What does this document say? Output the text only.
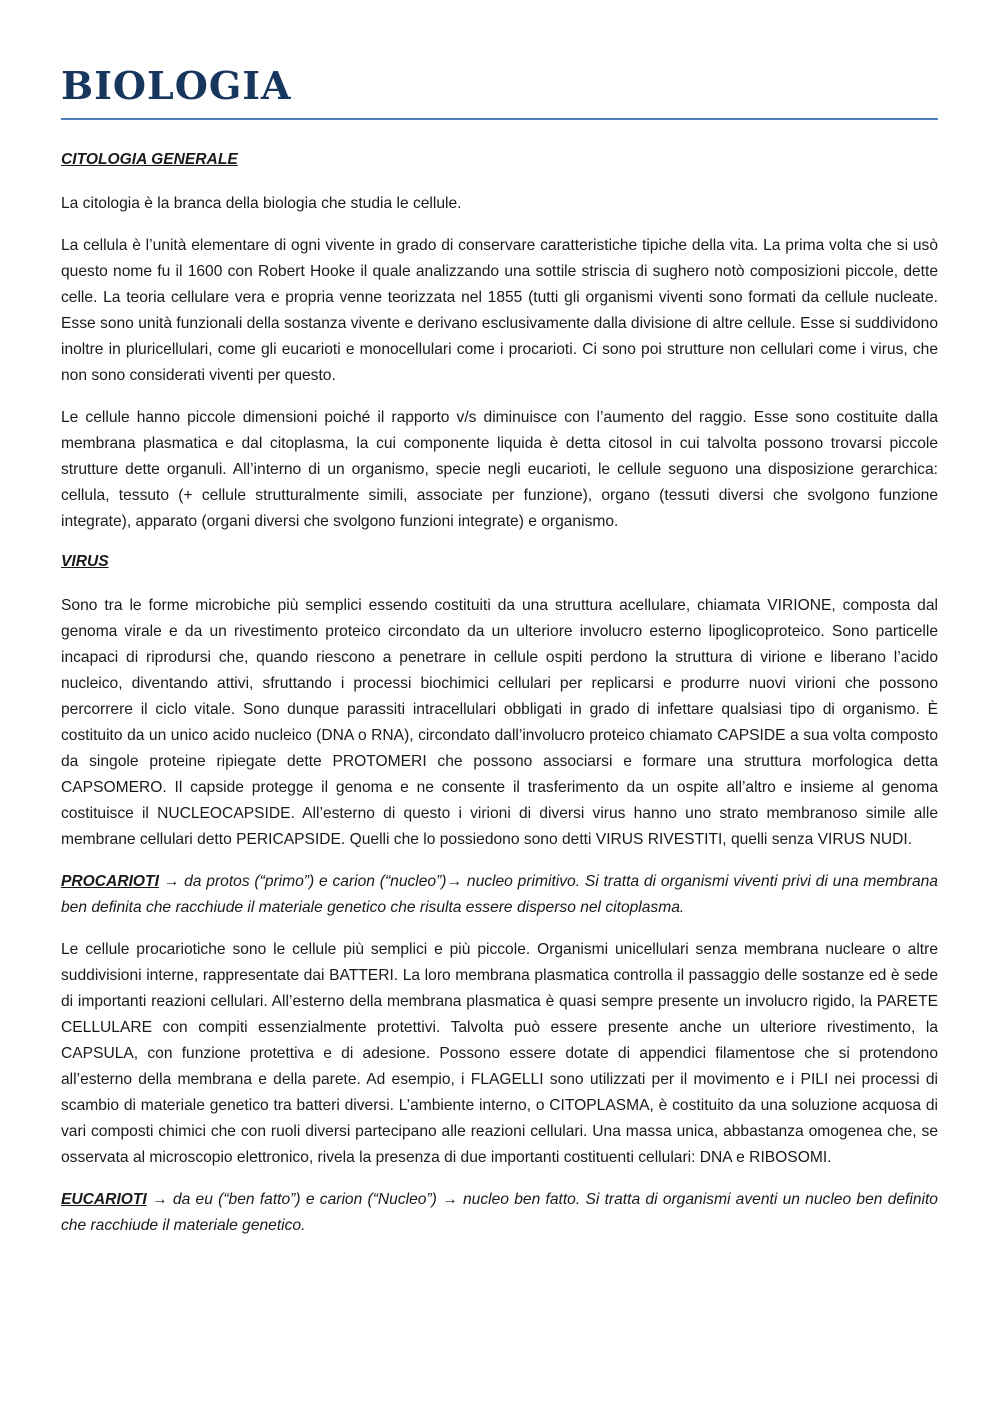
BIOLOGIA
CITOLOGIA GENERALE

La citologia è la branca della biologia che studia le cellule.

La cellula è l’unità elementare di ogni vivente in grado di conservare caratteristiche tipiche della vita. La prima volta che si usò questo nome fu il 1600 con Robert Hooke il quale analizzando una sottile striscia di sughero notò composizioni piccole, dette celle. La teoria cellulare vera e propria venne teorizzata nel 1855 (tutti gli organismi viventi sono formati da cellule nucleate. Esse sono unità funzionali della sostanza vivente e derivano esclusivamente dalla divisione di altre cellule. Esse si suddividono inoltre in pluricellulari, come gli eucarioti e monocellulari come i procarioti. Ci sono poi strutture non cellulari come i virus, che non sono considerati viventi per questo.

Le cellule hanno piccole dimensioni poiché il rapporto v/s diminuisce con l’aumento del raggio. Esse sono costituite dalla membrana plasmatica e dal citoplasma, la cui componente liquida è detta citosol in cui talvolta possono trovarsi piccole strutture dette organuli. All’interno di un organismo, specie negli eucarioti, le cellule seguono una disposizione gerarchica: cellula, tessuto (+ cellule strutturalmente simili, associate per funzione), organo (tessuti diversi che svolgono funzione integrate), apparato (organi diversi che svolgono funzioni integrate) e organismo.

VIRUS

Sono tra le forme microbiche più semplici essendo costituiti da una struttura acellulare, chiamata VIRIONE, composta dal genoma virale e da un rivestimento proteico circondato da un ulteriore involucro esterno lipoglicoproteico. Sono particelle incapaci di riprodursi che, quando riescono a penetrare in cellule ospiti perdono la struttura di virione e liberano l’acido nucleico, diventando attivi, sfruttando i processi biochimici cellulari per replicarsi e produrre nuovi virioni che possono percorrere il ciclo vitale. Sono dunque parassiti intracellulari obbligati in grado di infettare qualsiasi tipo di organismo. È costituito da un unico acido nucleico (DNA o RNA), circondato dall’involucro proteico chiamato CAPSIDE a sua volta composto da singole proteine ripiegate dette PROTOMERI che possono associarsi e formare una struttura morfologica detta CAPSOMERO. Il capside protegge il genoma e ne consente il trasferimento da un ospite all’altro e insieme al genoma costituisce il NUCLEOCAPSIDE. All’esterno di questo i virioni di diversi virus hanno uno strato membranoso simile alle membrane cellulari detto PERICAPSIDE. Quelli che lo possiedono sono detti VIRUS RIVESTITI, quelli senza VIRUS NUDI.

PROCARIOTI → da protos (“primo”) e carion (“nucleo”)→ nucleo primitivo. Si tratta di organismi viventi privi di una membrana ben definita che racchiude il materiale genetico che risulta essere disperso nel citoplasma.

Le cellule procariotiche sono le cellule più semplici e più piccole. Organismi unicellulari senza membrana nucleare o altre suddivisioni interne, rappresentate dai BATTERI. La loro membrana plasmatica controlla il passaggio delle sostanze ed è sede di importanti reazioni cellulari. All’esterno della membrana plasmatica è quasi sempre presente un involucro rigido, la PARETE CELLULARE con compiti essenzialmente protettivi. Talvolta può essere presente anche un ulteriore rivestimento, la CAPSULA, con funzione protettiva e di adesione. Possono essere dotate di appendici filamentose che si protendono all’esterno della membrana e della parete. Ad esempio, i FLAGELLI sono utilizzati per il movimento e i PILI nei processi di scambio di materiale genetico tra batteri diversi. L’ambiente interno, o CITOPLASMA, è costituito da una soluzione acquosa di vari composti chimici che con ruoli diversi partecipano alle reazioni cellulari. Una massa unica, abbastanza omogenea che, se osservata al microscopio elettronico, rivela la presenza di due importanti costituenti cellulari: DNA e RIBOSOMI.

EUCARIOTI → da eu (“ben fatto”) e carion (“Nucleo”) → nucleo ben fatto. Si tratta di organismi aventi un nucleo ben definito che racchiude il materiale genetico.
